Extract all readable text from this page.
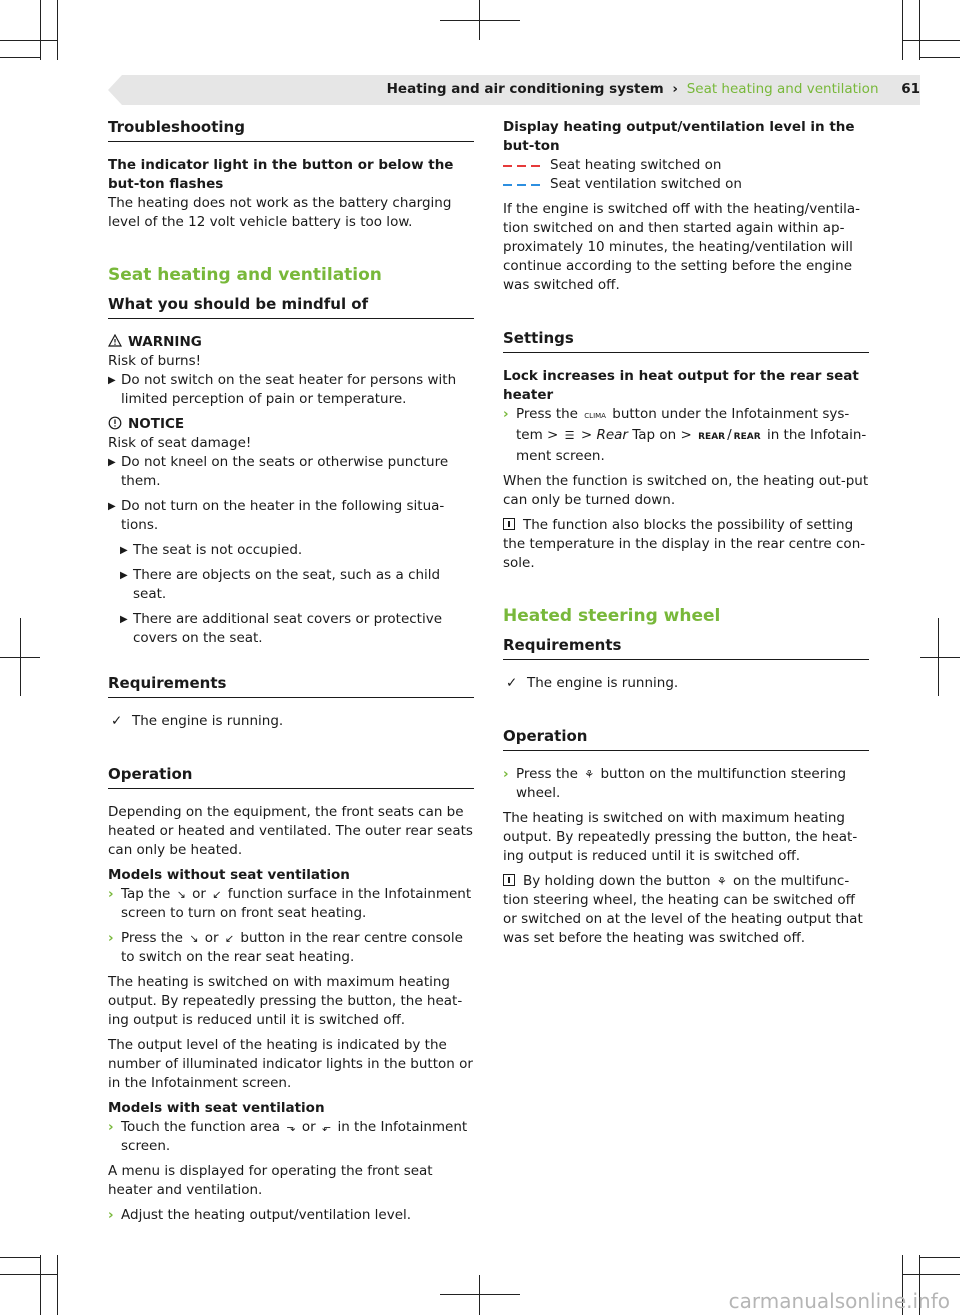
Heating and air conditioning system › Seat heating and ventilation 61
Troubleshooting

The indicator light in the button or below the but-ton flashes

The heating does not work as the battery charging level of the 12 volt vehicle battery is too low.

Seat heating and ventilation
What you should be mindful of
WARNING

Risk of burns!

▶ Do not switch on the seat heater for persons with limited perception of pain or temperature.
NOTICE

Risk of seat damage!

▶ Do not kneel on the seats or otherwise puncture them.
▶ Do not turn on the heater in the following situa-tions.
▶ The seat is not occupied.
▶ There are objects on the seat, such as a child seat.
▶ There are additional seat covers or protective covers on the seat.
Requirements
✓ The engine is running.
Operation

Depending on the equipment, the front seats can be heated or heated and ventilated. The outer rear seats can only be heated.

Models without seat ventilation

› Tap the ↘ or ↙ function surface in the Infotainment screen to turn on front seat heating.
› Press the ↘ or ↙ button in the rear centre console to switch on the rear seat heating.

The heating is switched on with maximum heating output. By repeatedly pressing the button, the heat-ing output is reduced until it is switched off.

The output level of the heating is indicated by the number of illuminated indicator lights in the button or in the Infotainment screen.

Models with seat ventilation

› Touch the function area ⬎ or ⬐ in the Infotainment screen.

A menu is displayed for operating the front seat heater and ventilation.

› Adjust the heating output/ventilation level.

Display heating output/ventilation level in the but-ton

Seat heating switched on
Seat ventilation switched on

If the engine is switched off with the heating/ventila-tion switched on and then started again within ap-proximately 10 minutes, the heating/ventilation will continue according to the setting before the engine was switched off.

Settings

Lock increases in heat output for the rear seat heater

› Press the CLIMA button under the Infotainment sys-tem > ☰ > Rear Tap on > REAR / REAR in the Infotain-ment screen.

When the function is switched on, the heating out-put can only be turned down.

The function also blocks the possibility of setting the temperature in the display in the rear centre con-sole.

Heated steering wheel
Requirements
✓ The engine is running.
Operation
› Press the ⚘ button on the multifunction steering wheel.

The heating is switched on with maximum heating output. By repeatedly pressing the button, the heat-ing output is reduced until it is switched off.

By holding down the button ⚘ on the multifunc-tion steering wheel, the heating can be switched off or switched on at the level of the heating output that was set before the heating was switched off.

carmanualsonline.info
